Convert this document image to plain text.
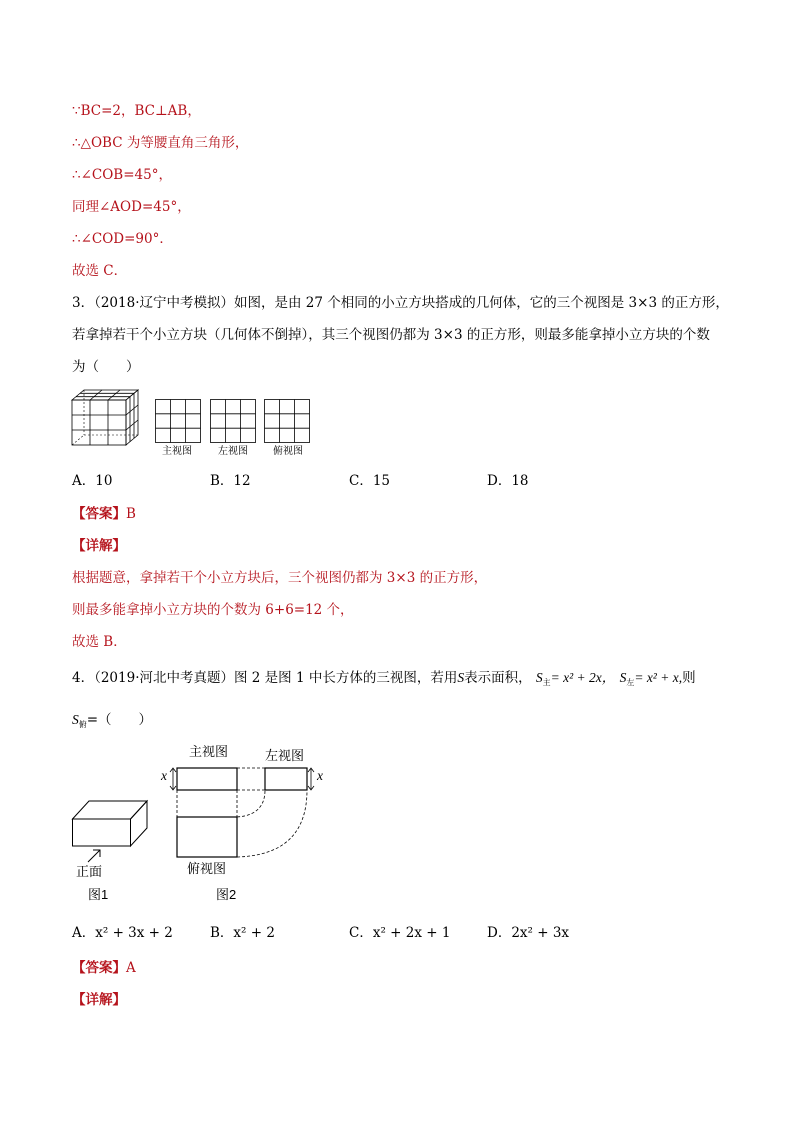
∵BC=2，BC⊥AB，
∴△OBC 为等腰直角三角形，
∴∠COB=45°，
同理∠AOD=45°，
∴∠COD=90°．
故选 C．
3．（2018·辽宁中考模拟）如图，是由 27 个相同的小立方块搭成的几何体，它的三个视图是 3×3 的正方形，
若拿掉若干个小立方块（几何体不倒掉），其三个视图仍都为 3×3 的正方形，则最多能拿掉小立方块的个数
为（　　）
主视图	左视图	俯视图
A．10	B．12	C．15	D．18
【答案】B
【详解】
根据题意，拿掉若干个小立方块后，三个视图仍都为 3×3 的正方形，
则最多能拿掉小立方块的个数为 6+6=12 个，
故选 B．
4．（2019·河北中考真题）图 2 是图 1 中长方体的三视图，若用S表示面积， $S_主= x^2 + 2x$， $S_左= x^2 + x$,则
$S_俯=$（　　）
正面
图1
主视图	左视图
x	x
俯视图
图2
A．x² + 3x + 2	B．x² + 2	C．x² + 2x + 1	D．2x² + 3x
【答案】A
【详解】
